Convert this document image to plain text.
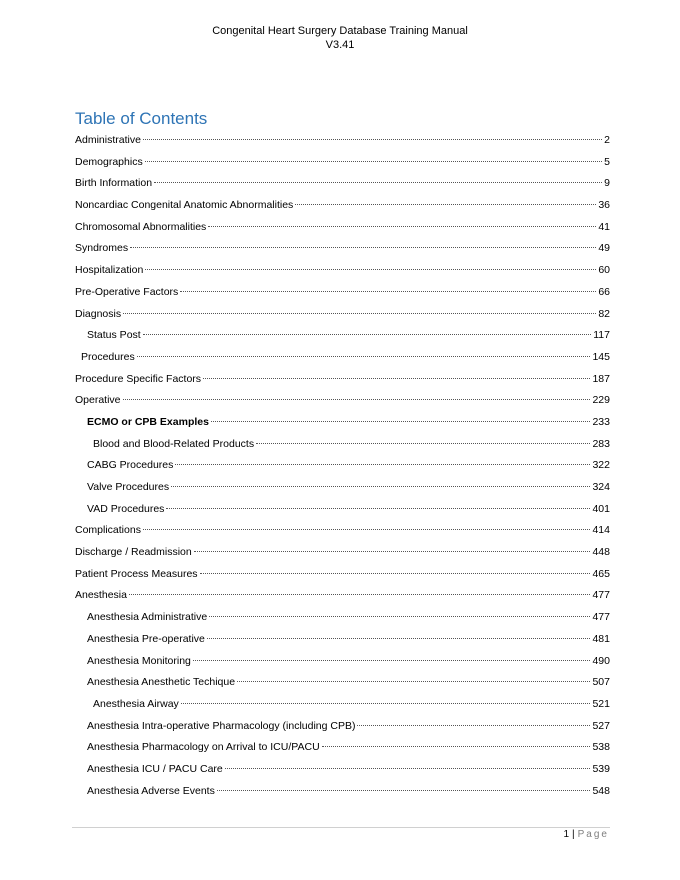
Congenital Heart Surgery Database Training Manual
V3.41
Table of Contents
Administrative	2
Demographics	5
Birth Information	9
Noncardiac Congenital Anatomic Abnormalities	36
Chromosomal Abnormalities	41
Syndromes	49
Hospitalization	60
Pre-Operative Factors	66
Diagnosis	82
Status Post	117
Procedures	145
Procedure Specific Factors	187
Operative	229
ECMO or CPB Examples	233
Blood and Blood-Related Products	283
CABG Procedures	322
Valve Procedures	324
VAD Procedures	401
Complications	414
Discharge / Readmission	448
Patient Process Measures	465
Anesthesia	477
Anesthesia Administrative	477
Anesthesia Pre-operative	481
Anesthesia Monitoring	490
Anesthesia Anesthetic Techique	507
Anesthesia Airway	521
Anesthesia Intra-operative Pharmacology (including CPB)	527
Anesthesia Pharmacology on Arrival to ICU/PACU	538
Anesthesia ICU / PACU Care	539
Anesthesia Adverse Events	548
1 | Page
